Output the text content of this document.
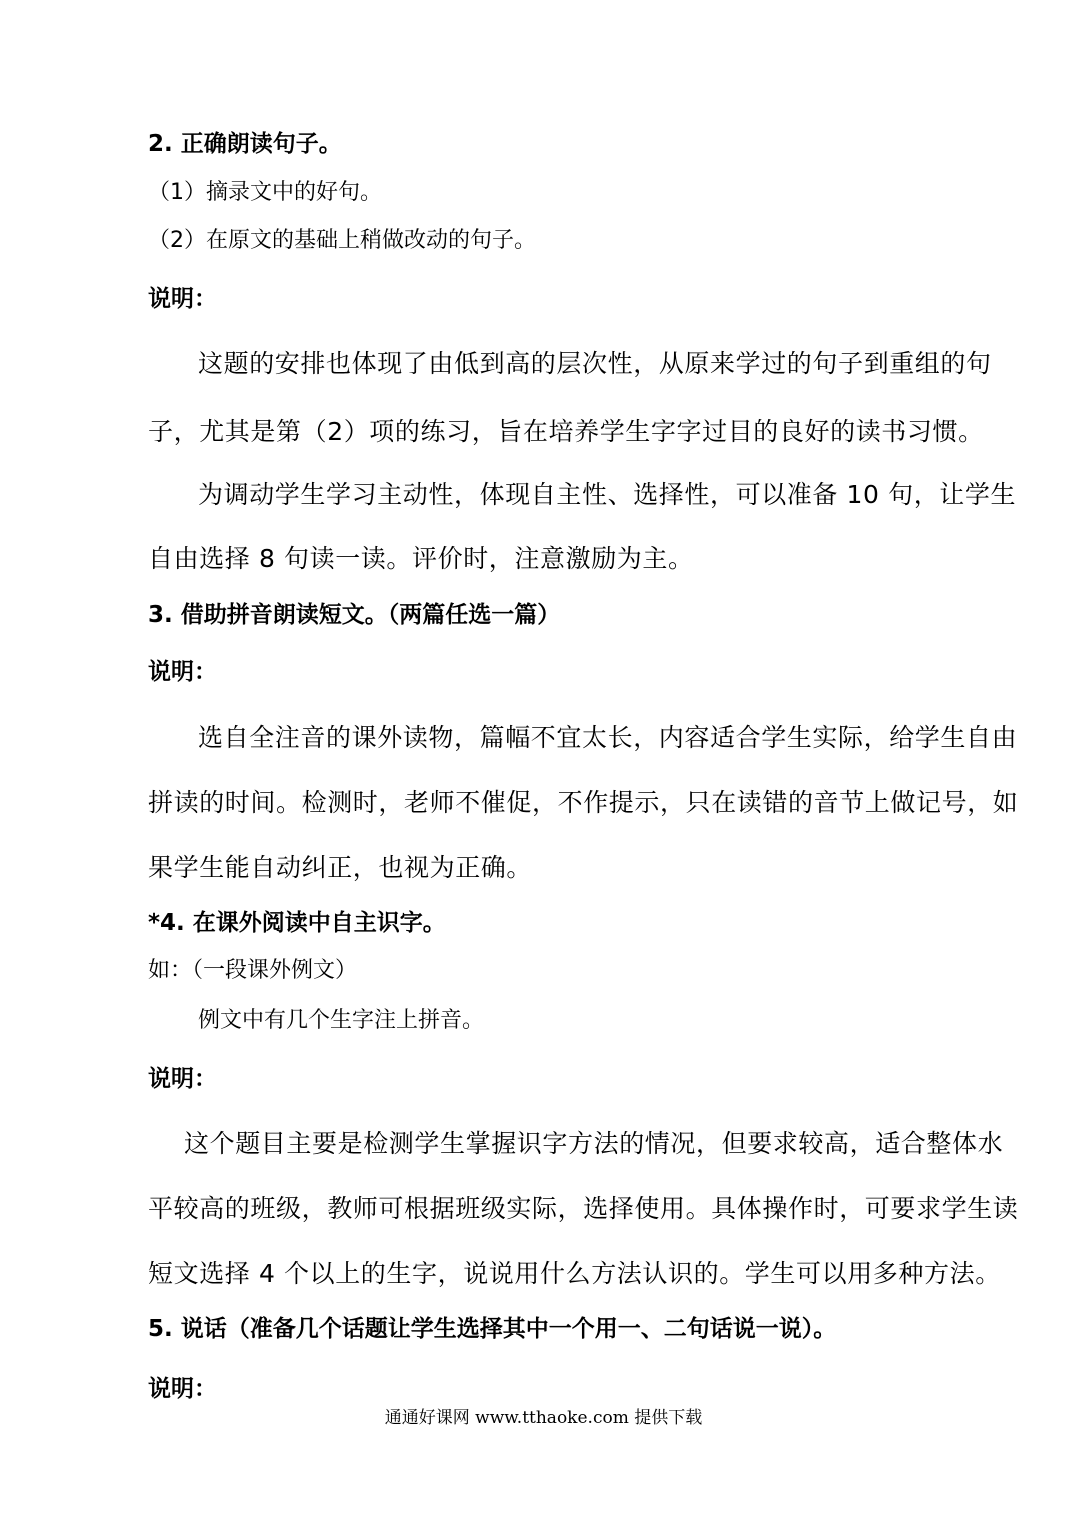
2. 正确朗读句子。
（1）摘录文中的好句。
（2）在原文的基础上稍做改动的句子。
说明：
这题的安排也体现了由低到高的层次性，从原来学过的句子到重组的句
子，尤其是第（2）项的练习，旨在培养学生字字过目的良好的读书习惯。
为调动学生学习主动性，体现自主性、选择性，可以准备 10 句，让学生
自由选择 8 句读一读。评价时，注意激励为主。
3. 借助拼音朗读短文。（两篇任选一篇）
说明：
选自全注音的课外读物，篇幅不宜太长，内容适合学生实际，给学生自由
拼读的时间。检测时，老师不催促，不作提示，只在读错的音节上做记号，如
果学生能自动纠正，也视为正确。
*4. 在课外阅读中自主识字。
如：（一段课外例文）
例文中有几个生字注上拼音。
说明：
这个题目主要是检测学生掌握识字方法的情况，但要求较高，适合整体水
平较高的班级，教师可根据班级实际，选择使用。具体操作时，可要求学生读
短文选择 4 个以上的生字，说说用什么方法认识的。学生可以用多种方法。
5. 说话（准备几个话题让学生选择其中一个用一、二句话说一说）。
说明：
通通好课网 www.tthaoke.com 提供下载
